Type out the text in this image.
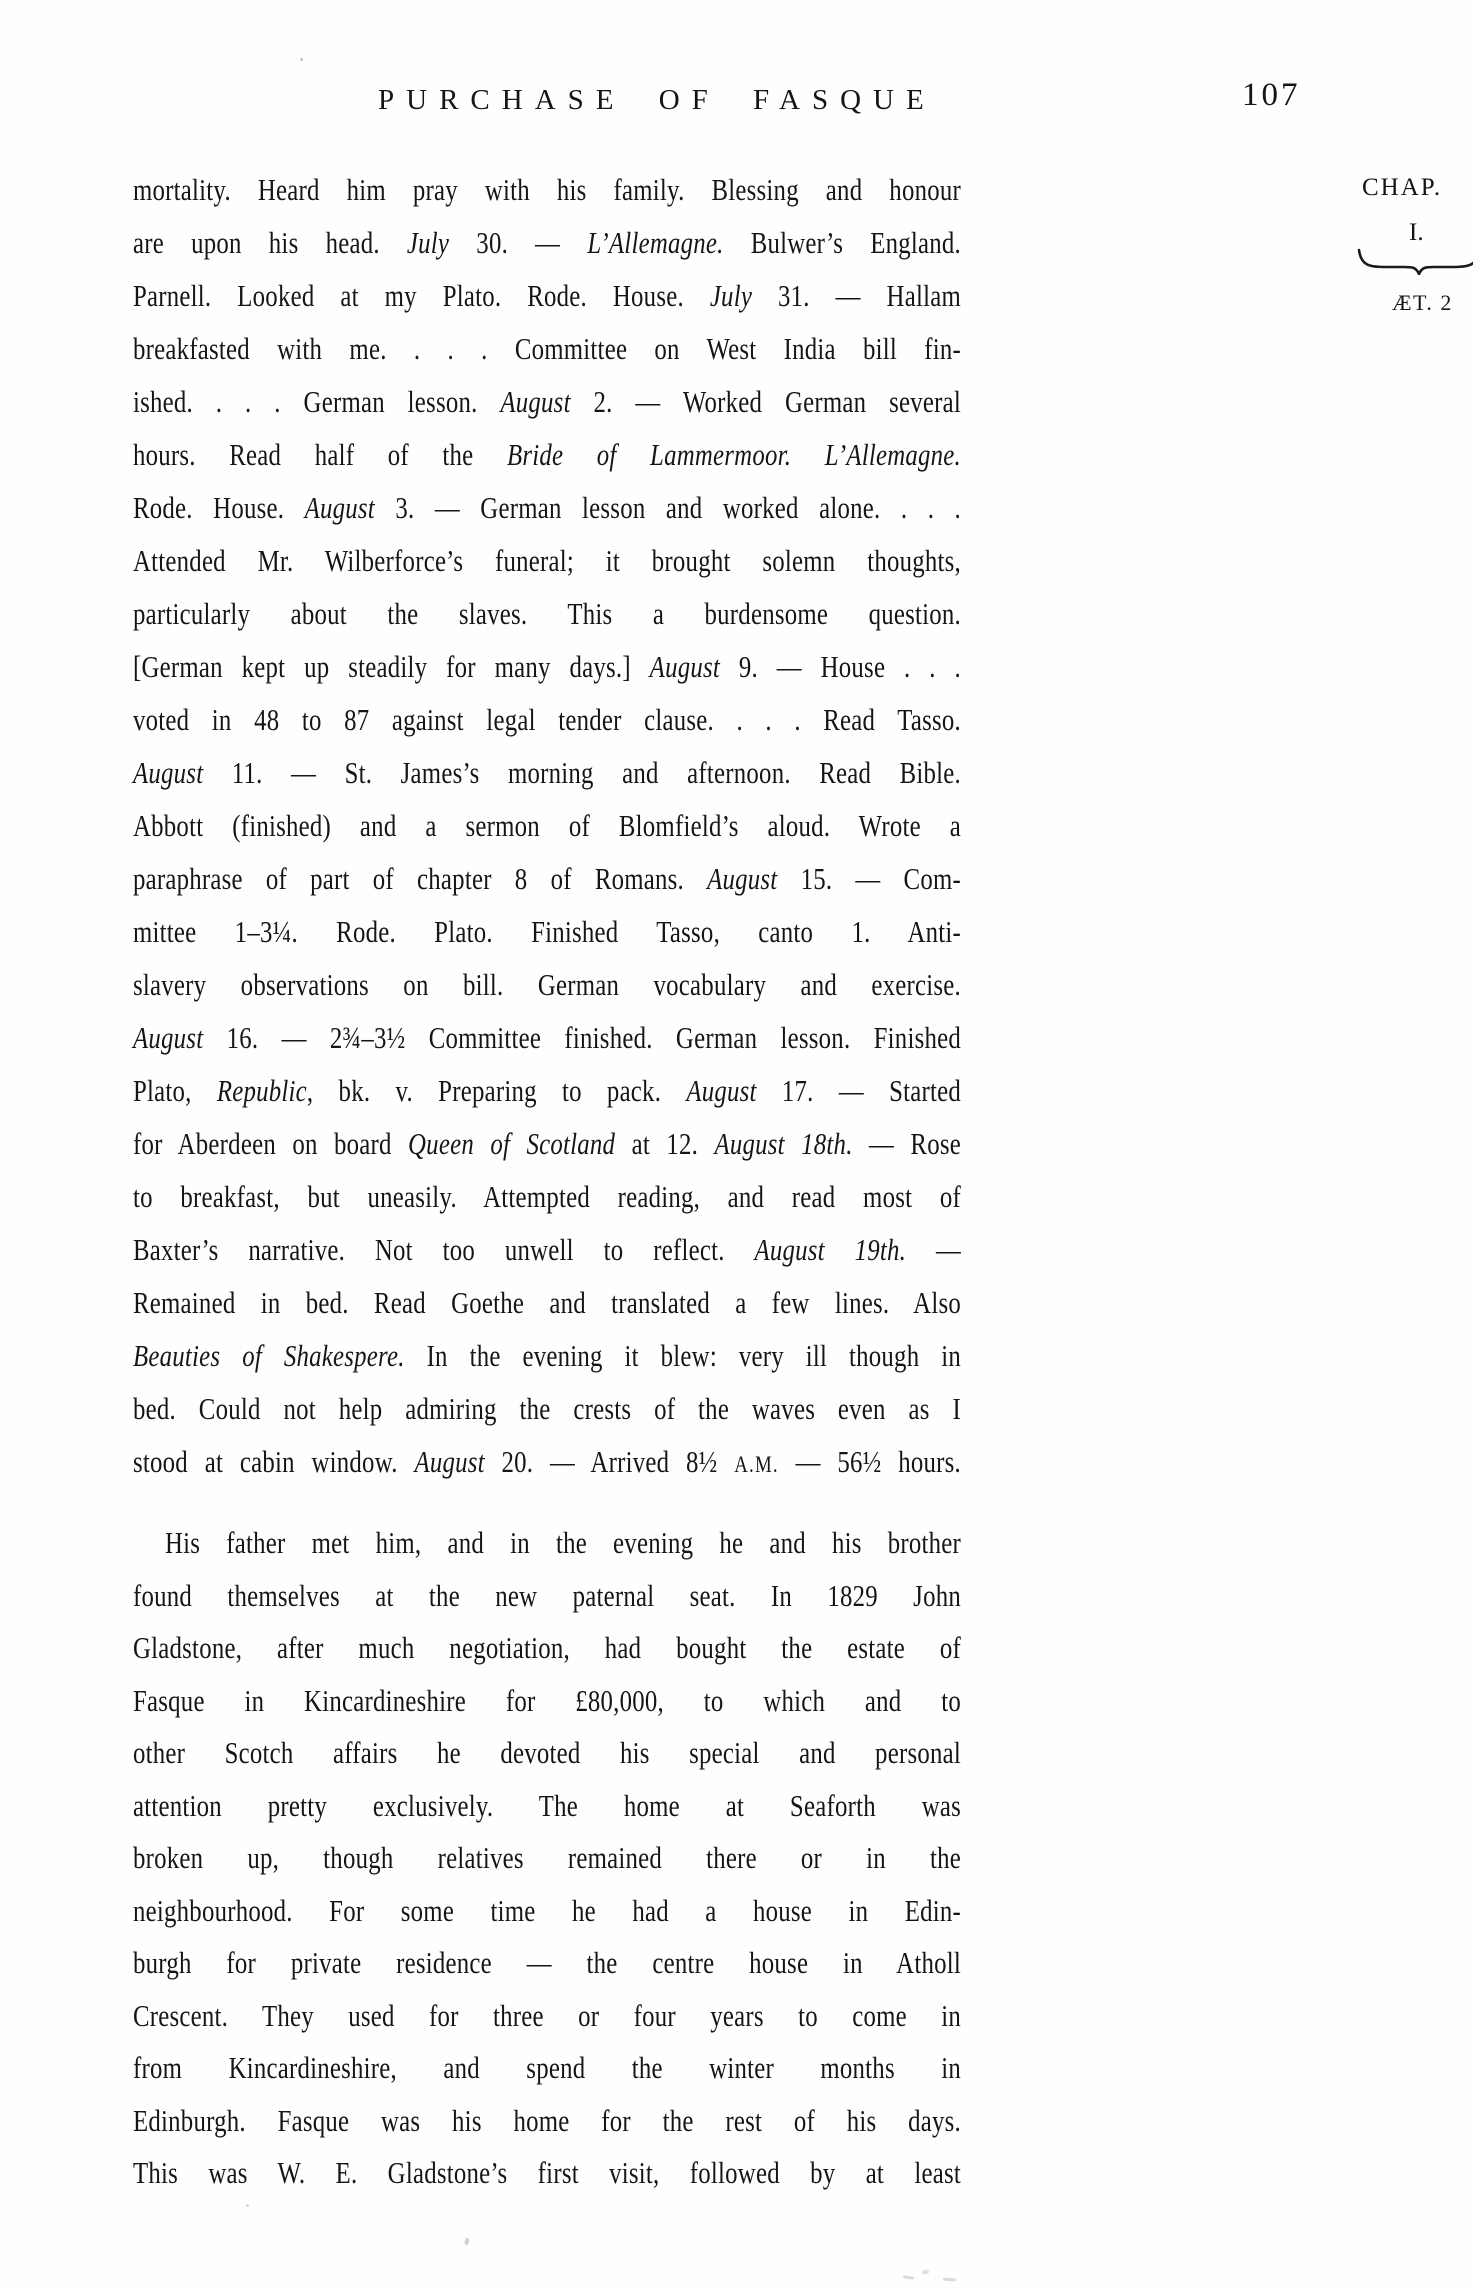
PURCHASE OF FASQUE	107
CHAP.
I.
ÆT. 2
mortality. Heard him pray with his family. Blessing and honour
are upon his head. July 30. — L’Allemagne. Bulwer’s England.
Parnell. Looked at my Plato. Rode. House. July 31. — Hallam
breakfasted with me. . . . Committee on West India bill fin-
ished. . . . German lesson. August 2. — Worked German several
hours. Read half of the Bride of Lammermoor. L’Allemagne.
Rode. House. August 3. — German lesson and worked alone. . . .
Attended Mr. Wilberforce’s funeral; it brought solemn thoughts,
particularly about the slaves. This a burdensome question.
[German kept up steadily for many days.] August 9. — House . . .
voted in 48 to 87 against legal tender clause. . . . Read Tasso.
August 11. — St. James’s morning and afternoon. Read Bible.
Abbott (finished) and a sermon of Blomfield’s aloud. Wrote a
paraphrase of part of chapter 8 of Romans. August 15. — Com-
mittee 1–3¼. Rode. Plato. Finished Tasso, canto 1. Anti-
slavery observations on bill. German vocabulary and exercise.
August 16. — 2¾–3½ Committee finished. German lesson. Finished
Plato, Republic, bk. v. Preparing to pack. August 17. — Started
for Aberdeen on board Queen of Scotland at 12. August 18th. — Rose
to breakfast, but uneasily. Attempted reading, and read most of
Baxter’s narrative. Not too unwell to reflect. August 19th. —
Remained in bed. Read Goethe and translated a few lines. Also
Beauties of Shakespere. In the evening it blew: very ill though in
bed. Could not help admiring the crests of the waves even as I
stood at cabin window. August 20. — Arrived 8½ A.M. — 56½ hours.
His father met him, and in the evening he and his brother
found themselves at the new paternal seat. In 1829 John
Gladstone, after much negotiation, had bought the estate of
Fasque in Kincardineshire for £80,000, to which and to
other Scotch affairs he devoted his special and personal
attention pretty exclusively. The home at Seaforth was
broken up, though relatives remained there or in the
neighbourhood. For some time he had a house in Edin-
burgh for private residence — the centre house in Atholl
Crescent. They used for three or four years to come in
from Kincardineshire, and spend the winter months in
Edinburgh. Fasque was his home for the rest of his days.
This was W. E. Gladstone’s first visit, followed by at least
